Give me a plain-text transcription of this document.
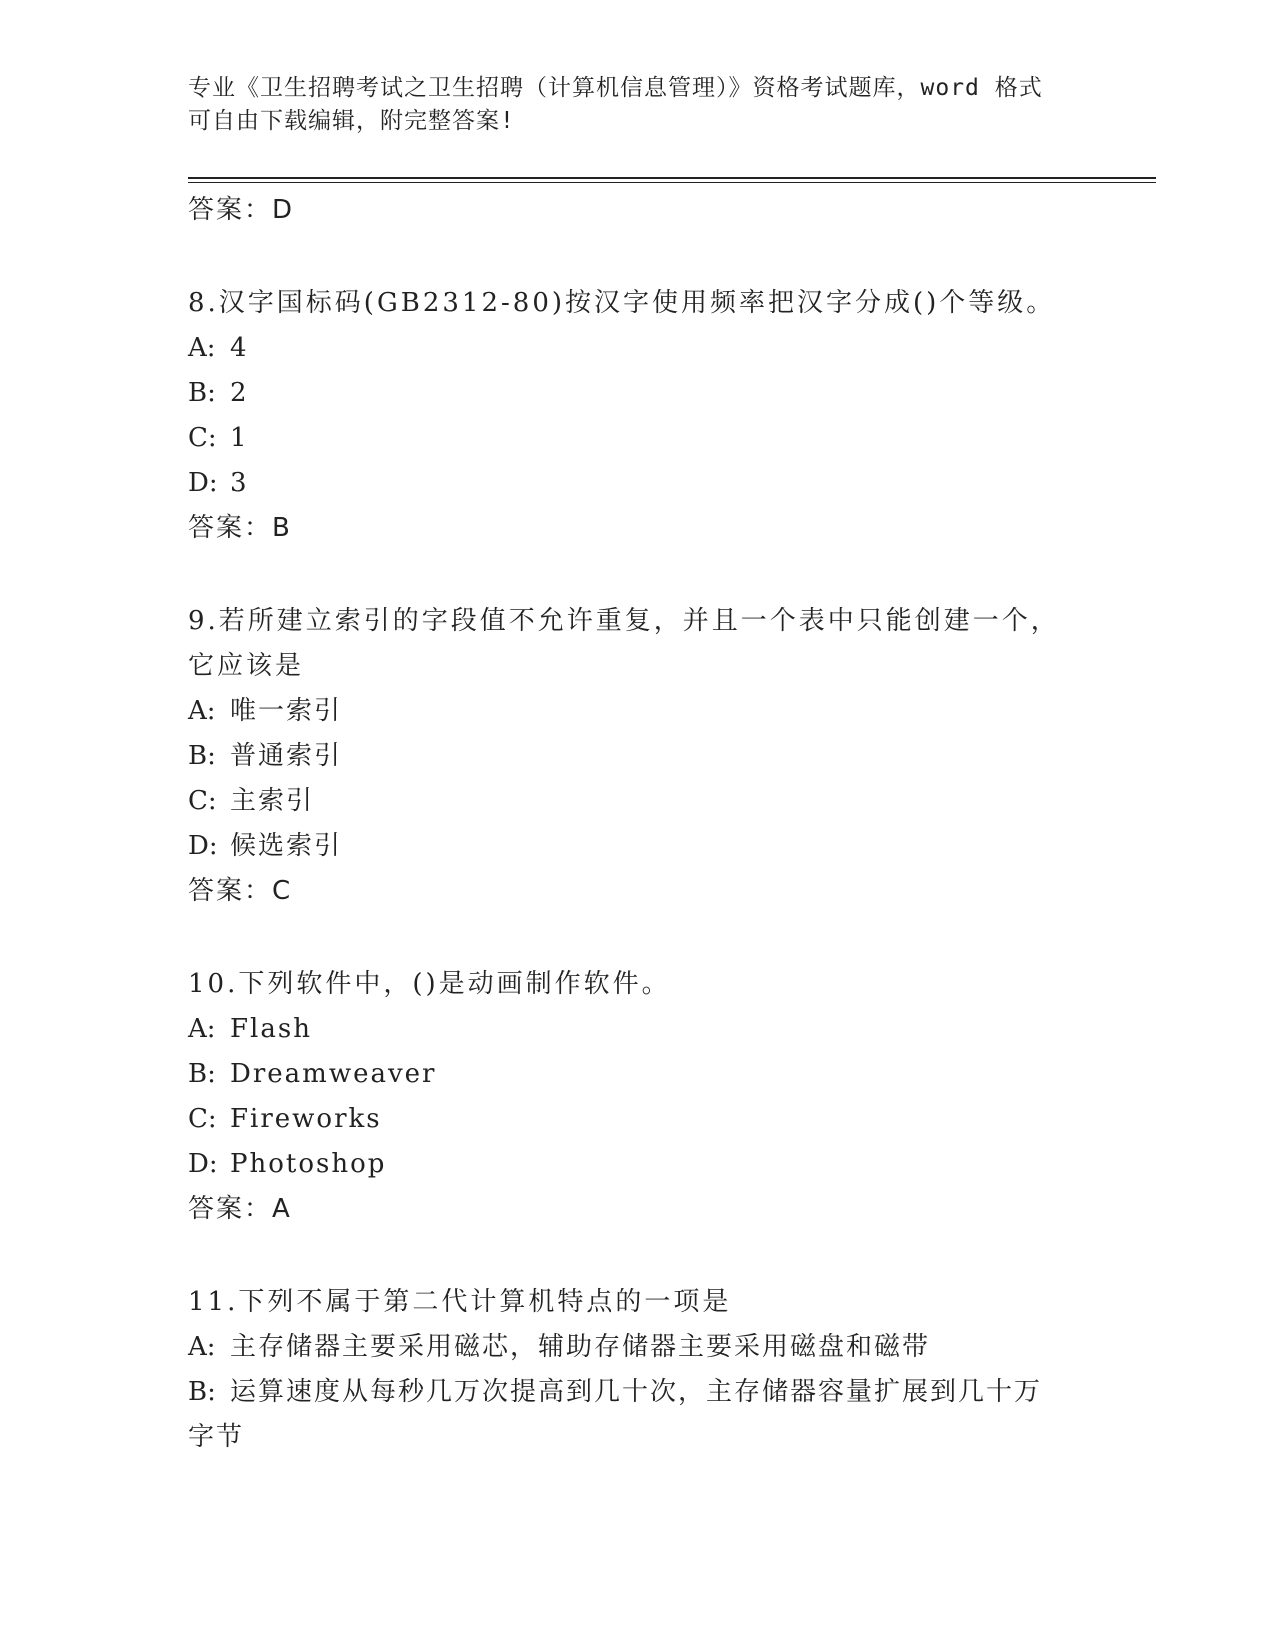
专业《卫生招聘考试之卫生招聘（计算机信息管理）》资格考试题库，word 格式
可自由下载编辑，附完整答案!
答案：D
8.汉字国标码(GB2312-80)按汉字使用频率把汉字分成()个等级。
A: 4
B: 2
C: 1
D: 3
答案：B
9.若所建立索引的字段值不允许重复，并且一个表中只能创建一个，
它应该是
A: 唯一索引
B: 普通索引
C: 主索引
D: 候选索引
答案：C
10.下列软件中，()是动画制作软件。
A: Flash
B: Dreamweaver
C: Fireworks
D: Photoshop
答案：A
11.下列不属于第二代计算机特点的一项是
A: 主存储器主要采用磁芯，辅助存储器主要采用磁盘和磁带
B: 运算速度从每秒几万次提高到几十次，主存储器容量扩展到几十万
字节
